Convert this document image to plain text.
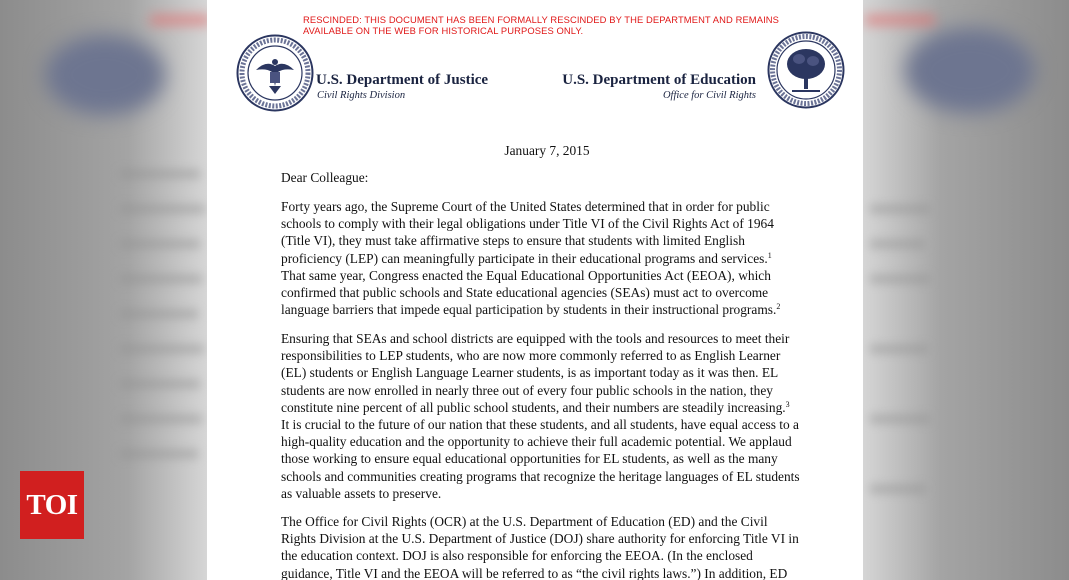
RESCINDED: THIS DOCUMENT HAS BEEN FORMALLY RESCINDED BY THE DEPARTMENT AND REMAINS AVAILABLE ON THE WEB FOR HISTORICAL PURPOSES ONLY.
U.S. Department of Justice
Civil Rights Division
U.S. Department of Education
Office for Civil Rights
January 7, 2015
Dear Colleague:
Forty years ago, the Supreme Court of the United States determined that in order for public
schools to comply with their legal obligations under Title VI of the Civil Rights Act of 1964
(Title VI), they must take affirmative steps to ensure that students with limited English
proficiency (LEP) can meaningfully participate in their educational programs and services.$^1$
That same year, Congress enacted the Equal Educational Opportunities Act (EEOA), which
confirmed that public schools and State educational agencies (SEAs) must act to overcome
language barriers that impede equal participation by students in their instructional programs.$^2$
Ensuring that SEAs and school districts are equipped with the tools and resources to meet their
responsibilities to LEP students, who are now more commonly referred to as English Learner
(EL) students or English Language Learner students, is as important today as it was then. EL
students are now enrolled in nearly three out of every four public schools in the nation, they
constitute nine percent of all public school students, and their numbers are steadily increasing.$^3$
It is crucial to the future of our nation that these students, and all students, have equal access to a
high-quality education and the opportunity to achieve their full academic potential. We applaud
those working to ensure equal educational opportunities for EL students, as well as the many
schools and communities creating programs that recognize the heritage languages of EL students
as valuable assets to preserve.
The Office for Civil Rights (OCR) at the U.S. Department of Education (ED) and the Civil
Rights Division at the U.S. Department of Justice (DOJ) share authority for enforcing Title VI in
the education context. DOJ is also responsible for enforcing the EEOA. (In the enclosed
guidance, Title VI and the EEOA will be referred to as “the civil rights laws.”) In addition, ED
TOI
